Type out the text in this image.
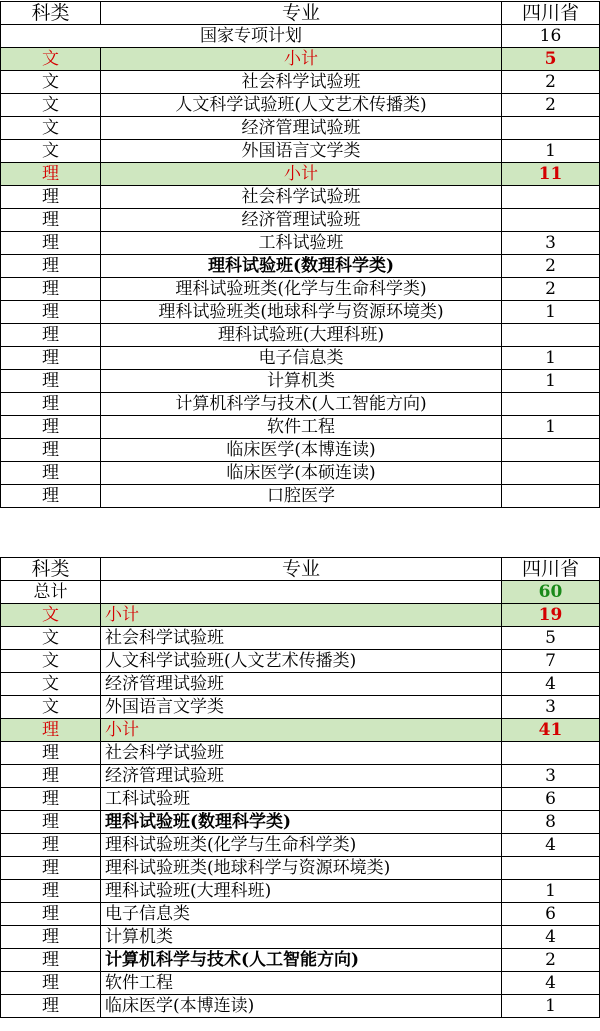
科类	专业	四川省
国家专项计划		16
文	小计	5
文	社会科学试验班	2
文	人文科学试验班(人文艺术传播类)	2
文	经济管理试验班	
文	外国语言文学类	1
理	小计	11
理	社会科学试验班	
理	经济管理试验班	
理	工科试验班	3
理	理科试验班(数理科学类)	2
理	理科试验班类(化学与生命科学类)	2
理	理科试验班类(地球科学与资源环境类)	1
理	理科试验班(大理科班)	
理	电子信息类	1
理	计算机类	1
理	计算机科学与技术(人工智能方向)	
理	软件工程	1
理	临床医学(本博连读)	
理	临床医学(本硕连读)	
理	口腔医学	
科类	专业	四川省
总计		60
文	小计	19
文	社会科学试验班	5
文	人文科学试验班(人文艺术传播类)	7
文	经济管理试验班	4
文	外国语言文学类	3
理	小计	41
理	社会科学试验班	
理	经济管理试验班	3
理	工科试验班	6
理	理科试验班(数理科学类)	8
理	理科试验班类(化学与生命科学类)	4
理	理科试验班类(地球科学与资源环境类)	
理	理科试验班(大理科班)	1
理	电子信息类	6
理	计算机类	4
理	计算机科学与技术(人工智能方向)	2
理	软件工程	4
理	临床医学(本博连读)	1
